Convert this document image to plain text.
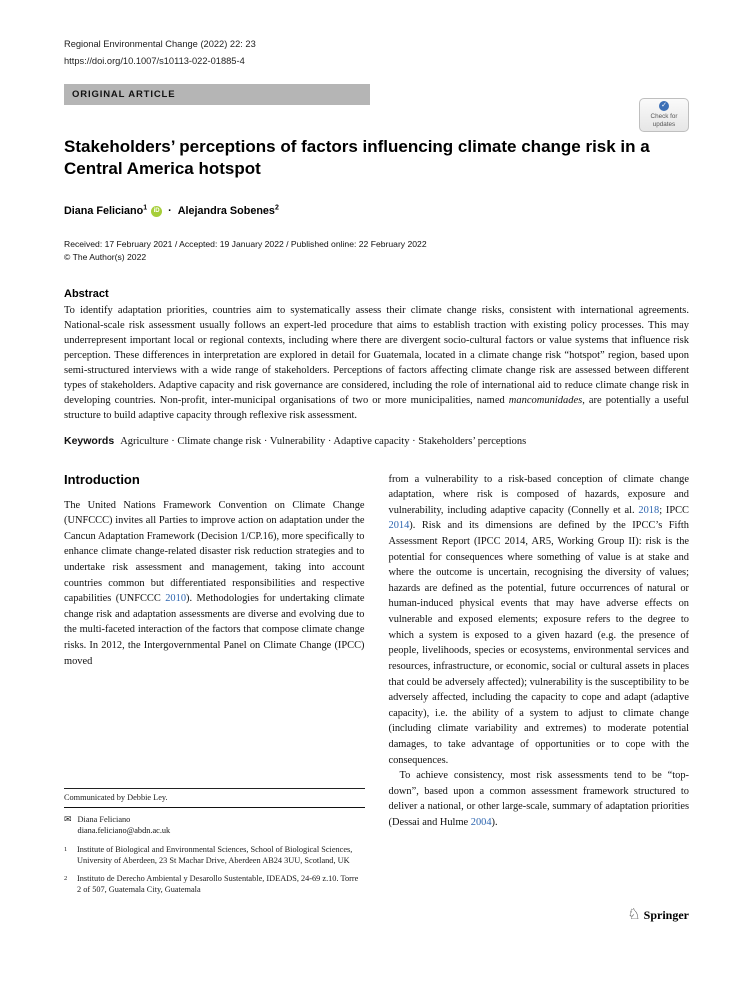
Regional Environmental Change (2022) 22: 23
https://doi.org/10.1007/s10113-022-01885-4
ORIGINAL ARTICLE
✓
Check for updates
Stakeholders’ perceptions of factors influencing climate change risk in a Central America hotspot
Diana Feliciano$^1$	iD · Alejandra Sobenes$^2$
Received: 17 February 2021 / Accepted: 19 January 2022 / Published online: 22 February 2022
© The Author(s) 2022
Abstract

To identify adaptation priorities, countries aim to systematically assess their climate change risks, consistent with international agreements. National-scale risk assessment usually follows an expert-led procedure that aims to establish traction with existing policy processes. This may underrepresent important local or regional contexts, including where there are divergent socio-cultural factors or value systems that influence risk perception. These differences in interpretation are explored in detail for Guatemala, located in a climate change risk “hotspot” region, based upon semi-structured interviews with a wide range of stakeholders. Perceptions of factors affecting climate change risk are assessed between different types of stakeholders. Adaptive capacity and risk governance are considered, including the role of international aid to reduce climate change risk in developing countries. Non-profit, inter-municipal organisations of two or more municipalities, named mancomunidades, are potentially a useful structure to build adaptive capacity through reflexive risk assessment.

Keywords Agriculture · Climate change risk · Vulnerability · Adaptive capacity · Stakeholders’ perceptions

Introduction

The United Nations Framework Convention on Climate Change (UNFCCC) invites all Parties to improve action on adaptation under the Cancun Adaptation Framework (Decision 1/CP.16), more specifically to enhance climate change-related disaster risk reduction strategies and to undertake risk assessment and management, taking into account countries common but differentiated responsibilities and respective capabilities (UNFCCC 2010). Methodologies for undertaking climate change risk and adaptation assessments are diverse and evolving due to the multi-faceted interaction of the factors that compose climate change risks. In 2012, the Intergovernmental Panel on Climate Change (IPCC) moved

Communicated by Debbie Ley.

✉ Diana Feliciano
diana.feliciano@abdn.ac.uk
1	Institute of Biological and Environmental Sciences, School of Biological Sciences, University of Aberdeen, 23 St Machar Drive, Aberdeen AB24 3UU, Scotland, UK
2	Instituto de Derecho Ambiental y Desarollo Sustentable, IDEADS, 24-69 z.10. Torre 2 of 507, Guatemala City, Guatemala

from a vulnerability to a risk-based conception of climate change adaptation, where risk is composed of hazards, exposure and vulnerability, including adaptive capacity (Connelly et al. 2018; IPCC 2014). Risk and its dimensions are defined by the IPCC’s Fifth Assessment Report (IPCC 2014, AR5, Working Group II): risk is the potential for consequences where something of value is at stake and where the outcome is uncertain, recognising the diversity of values; hazards are defined as the potential, future occurrences of natural or human-induced physical events that may have adverse effects on vulnerable and exposed elements; exposure refers to the degree to which a system is exposed to a given hazard (e.g. the presence of people, livelihoods, species or ecosystems, environmental services and resources, infrastructure, or economic, social or cultural assets in places that could be adversely affected); vulnerability is the susceptibility to be adversely affected, including the capacity to cope and adapt (adaptive capacity), i.e. the ability of a system to adjust to climate change (including climate variability and extremes) to moderate potential damages, to take advantage of opportunities or to cope with the consequences.

To achieve consistency, most risk assessments tend to be “top-down”, based upon a common assessment framework structured to deliver a national, or other large-scale, summary of adaptation priorities (Dessai and Hulme 2004).

♘ Springer
